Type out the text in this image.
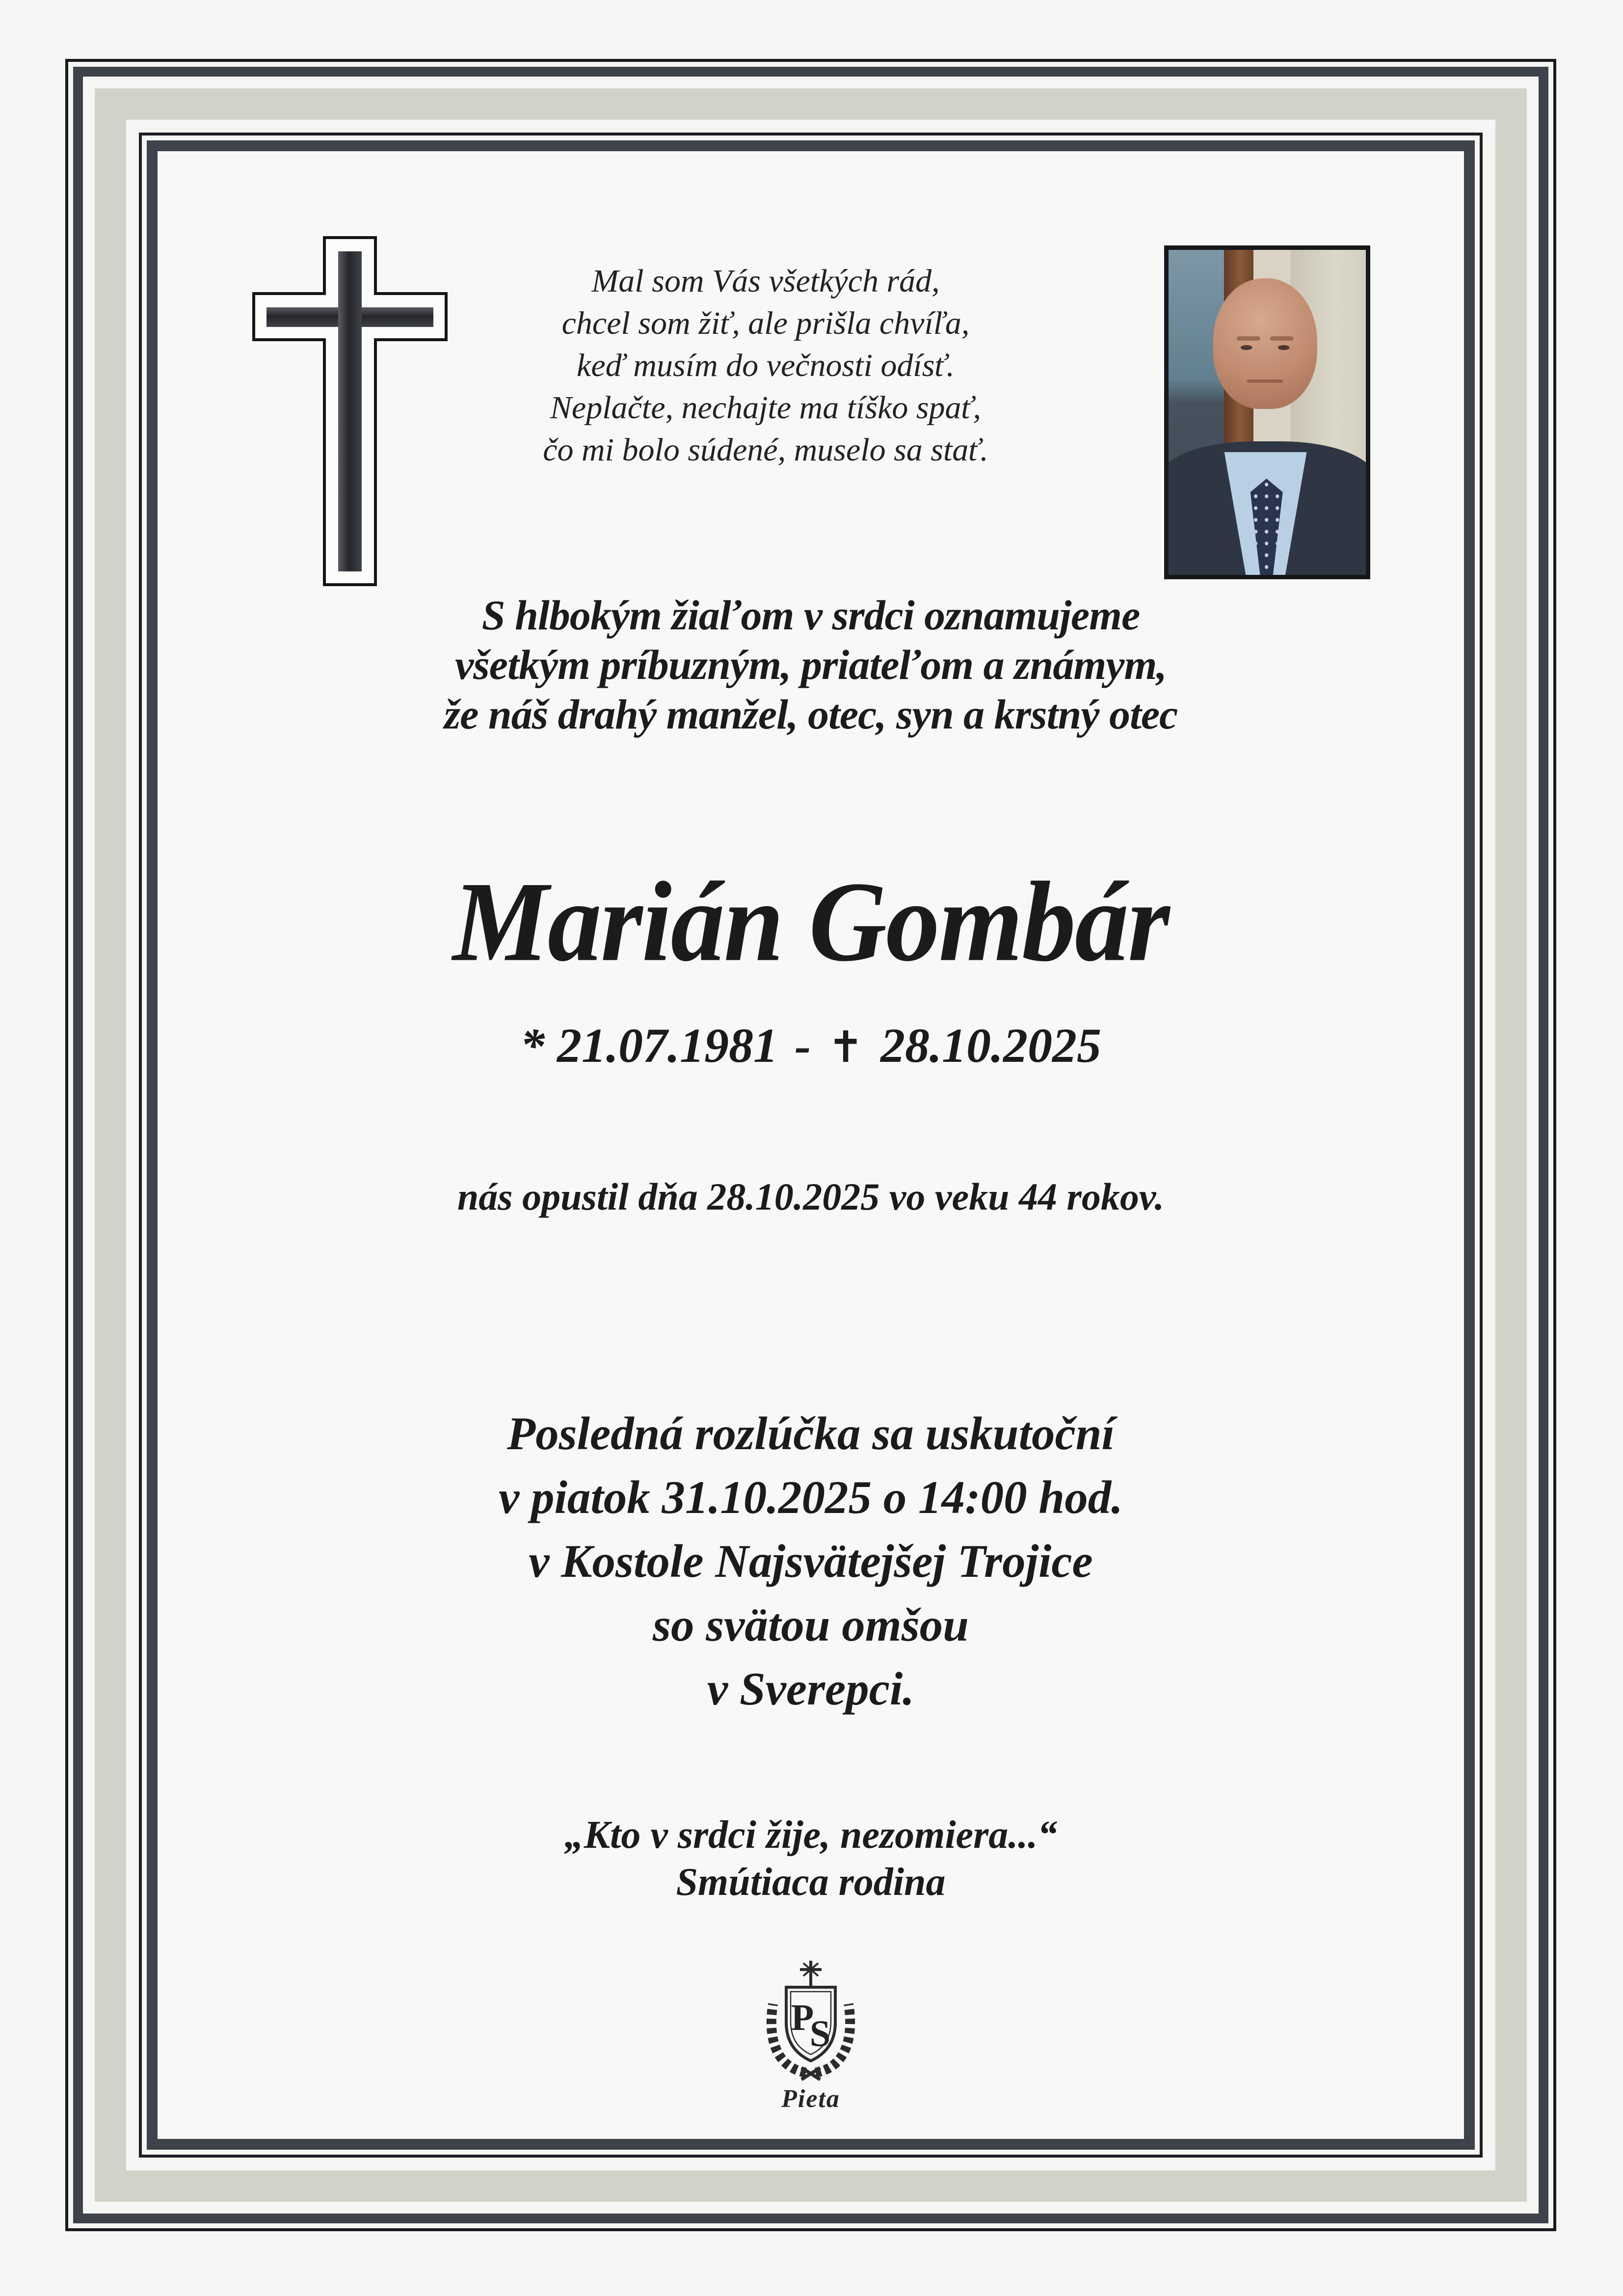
Mal som Vás všetkých rád,
chcel som žiť, ale prišla chvíľa,
keď musím do večnosti odísť.
Neplačte, nechajte ma tíško spať,
čo mi bolo súdené, muselo sa stať.
S hlbokým žiaľom v srdci oznamujeme
všetkým príbuzným, priateľom a známym,
že náš drahý manžel, otec, syn a krstný otec
Marián Gombár
* 21.07.1981 - ✝ 28.10.2025
nás opustil dňa 28.10.2025 vo veku 44 rokov.
Posledná rozlúčka sa uskutoční
v piatok 31.10.2025 o 14:00 hod.
v Kostole Najsvätejšej Trojice
so svätou omšou
v Sverepci.
„Kto v srdci žije, nezomiera...“
Smútiaca rodina
P
S
Pieta
